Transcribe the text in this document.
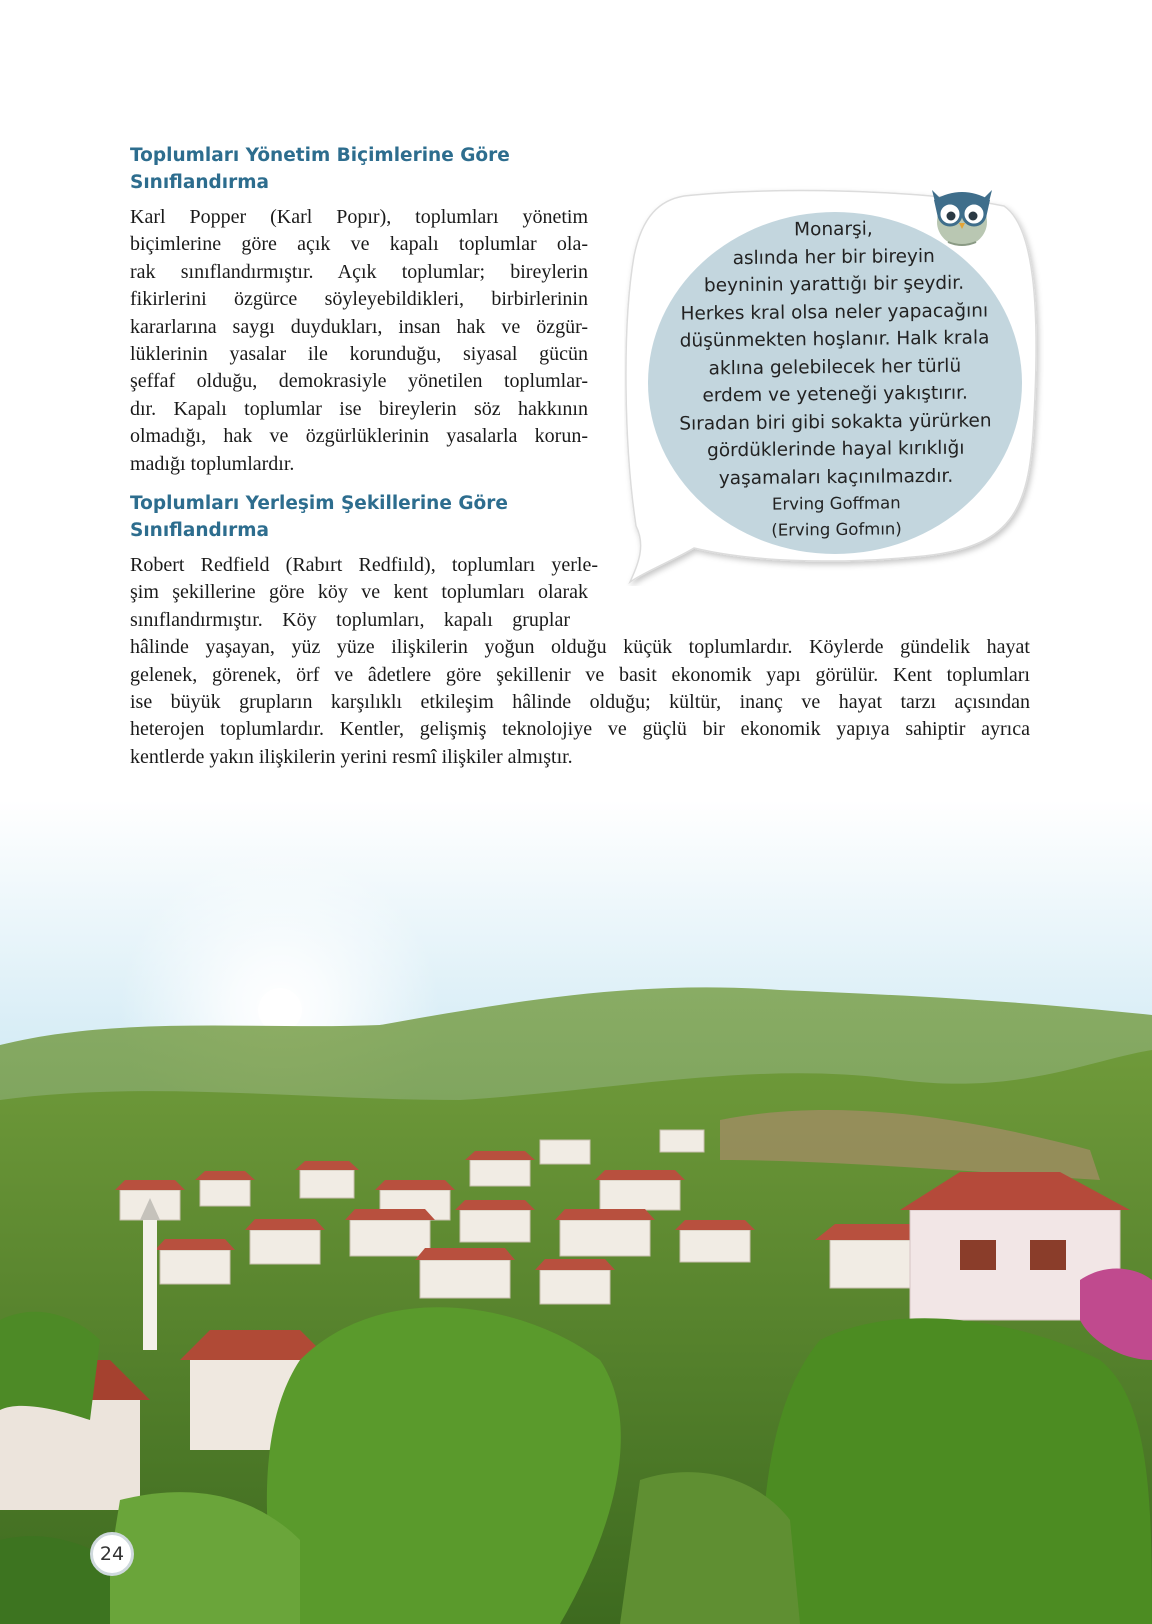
Toplumları Yönetim Biçimlerine Göre
Sınıflandırma

Karl Popper (Karl Popır), toplumları yönetim
biçimlerine göre açık ve kapalı toplumlar ola-
rak sınıflandırmıştır. Açık toplumlar; bireylerin
fikirlerini özgürce söyleyebildikleri, birbirlerinin
kararlarına saygı duydukları, insan hak ve özgür-
lüklerinin yasalar ile korunduğu, siyasal gücün
şeffaf olduğu, demokrasiyle yönetilen toplumlar-
dır. Kapalı toplumlar ise bireylerin söz hakkının
olmadığı, hak ve özgürlüklerinin yasalarla korun-
madığı toplumlardır.

Toplumları Yerleşim Şekillerine Göre
Sınıflandırma

Robert Redfield (Rabırt Redfiıld), toplumları yerle-
şim şekillerine göre köy ve kent toplumları olarak
sınıflandırmıştır. Köy toplumları, kapalı gruplar
hâlinde yaşayan, yüz yüze ilişkilerin yoğun olduğu küçük toplumlardır. Köylerde gündelik hayat
gelenek, görenek, örf ve âdetlere göre şekillenir ve basit ekonomik yapı görülür. Kent toplumları
ise büyük grupların karşılıklı etkileşim hâlinde olduğu; kültür, inanç ve hayat tarzı açısından
heterojen toplumlardır. Kentler, gelişmiş teknolojiye ve güçlü bir ekonomik yapıya sahiptir ayrıca
kentlerde yakın ilişkilerin yerini resmî ilişkiler almıştır.

Monarşi,
aslında her bir bireyin
beyninin yarattığı bir şeydir.
Herkes kral olsa neler yapacağını
düşünmekten hoşlanır. Halk krala
aklına gelebilecek her türlü
erdem ve yeteneği yakıştırır.
Sıradan biri gibi sokakta yürürken
gördüklerinde hayal kırıklığı
yaşamaları kaçınılmazdır.
Erving Goffman
(Erving Gofmın)
24
